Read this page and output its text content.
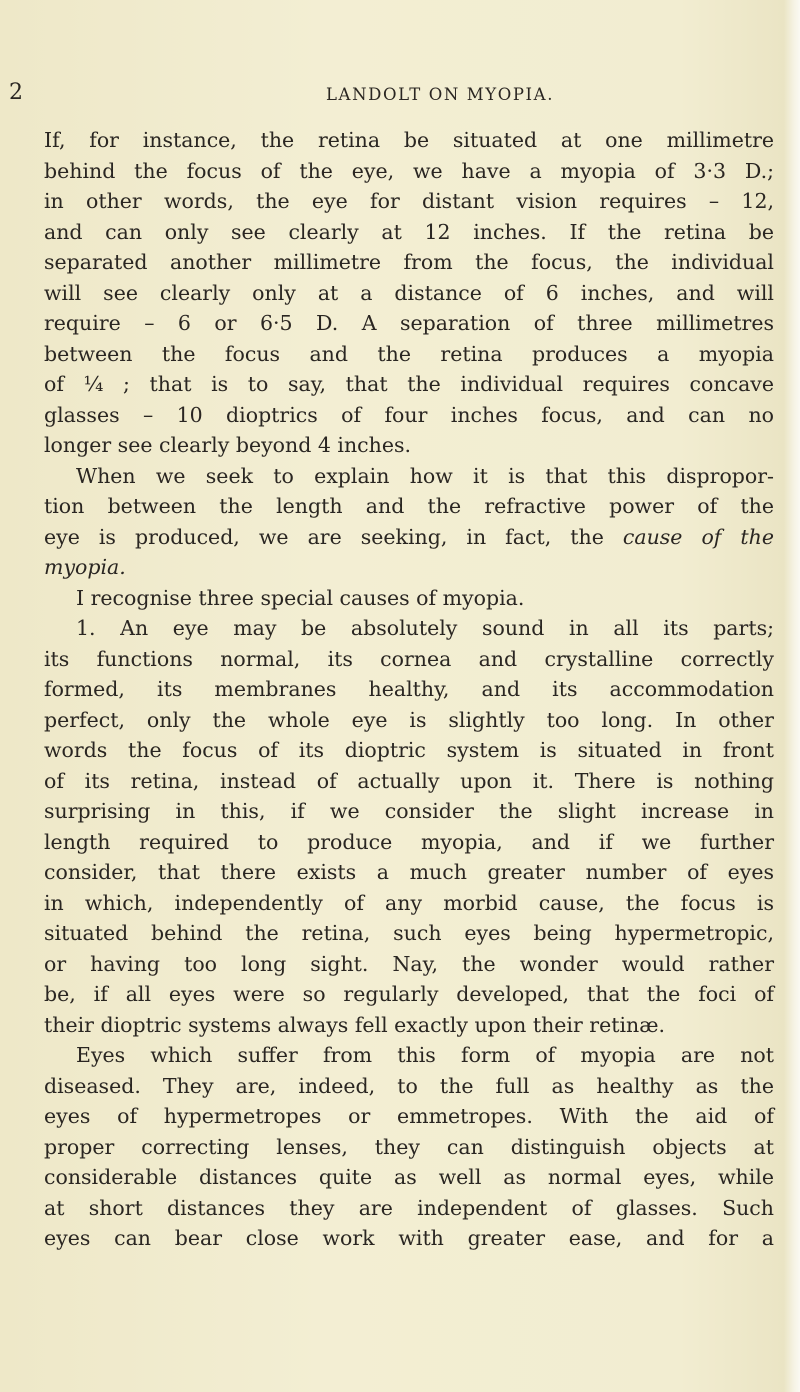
2	LANDOLT ON MYOPIA.
If, for instance, the retina be situated at one millimetre
behind the focus of the eye, we have a myopia of 3·3 D.;
in other words, the eye for distant vision requires – 12,
and can only see clearly at 12 inches. If the retina be
separated another millimetre from the focus, the individual
will see clearly only at a distance of 6 inches, and will
require – 6 or 6·5 D. A separation of three millimetres
between the focus and the retina produces a myopia
of ¼ ; that is to say, that the individual requires concave
glasses – 10 dioptrics of four inches focus, and can no
longer see clearly beyond 4 inches.
When we seek to explain how it is that this dispropor-
tion between the length and the refractive power of the
eye is produced, we are seeking, in fact, the cause of the
myopia.
I recognise three special causes of myopia.
1. An eye may be absolutely sound in all its parts;
its functions normal, its cornea and crystalline correctly
formed, its membranes healthy, and its accommodation
perfect, only the whole eye is slightly too long. In other
words the focus of its dioptric system is situated in front
of its retina, instead of actually upon it. There is nothing
surprising in this, if we consider the slight increase in
length required to produce myopia, and if we further
consider, that there exists a much greater number of eyes
in which, independently of any morbid cause, the focus is
situated behind the retina, such eyes being hypermetropic,
or having too long sight. Nay, the wonder would rather
be, if all eyes were so regularly developed, that the foci of
their dioptric systems always fell exactly upon their retinæ.
Eyes which suffer from this form of myopia are not
diseased. They are, indeed, to the full as healthy as the
eyes of hypermetropes or emmetropes. With the aid of
proper correcting lenses, they can distinguish objects at
considerable distances quite as well as normal eyes, while
at short distances they are independent of glasses. Such
eyes can bear close work with greater ease, and for a
